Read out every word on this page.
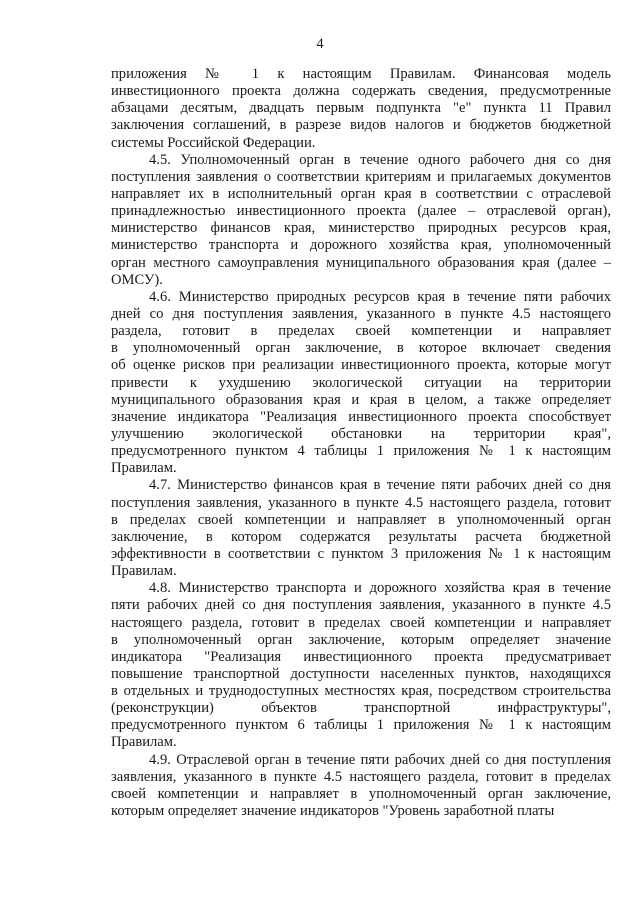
4
приложения № 1 к настоящим Правилам. Финансовая модель
инвестиционного проекта должна содержать сведения, предусмотренные
абзацами десятым, двадцать первым подпункта "е" пункта 11 Правил
заключения соглашений, в разрезе видов налогов и бюджетов бюджетной
системы Российской Федерации.
4.5. Уполномоченный орган в течение одного рабочего дня со дня
поступления заявления о соответствии критериям и прилагаемых документов
направляет их в исполнительный орган края в соответствии с отраслевой
принадлежностью инвестиционного проекта (далее – отраслевой орган),
министерство финансов края, министерство природных ресурсов края,
министерство транспорта и дорожного хозяйства края, уполномоченный
орган местного самоуправления муниципального образования края (далее –
ОМСУ).
4.6. Министерство природных ресурсов края в течение пяти рабочих
дней со дня поступления заявления, указанного в пункте 4.5 настоящего
раздела, готовит в пределах своей компетенции и направляет
в уполномоченный орган заключение, в которое включает сведения
об оценке рисков при реализации инвестиционного проекта, которые могут
привести к ухудшению экологической ситуации на территории
муниципального образования края и края в целом, а также определяет
значение индикатора "Реализация инвестиционного проекта способствует
улучшению экологической обстановки на территории края",
предусмотренного пунктом 4 таблицы 1 приложения № 1 к настоящим
Правилам.
4.7. Министерство финансов края в течение пяти рабочих дней со дня
поступления заявления, указанного в пункте 4.5 настоящего раздела, готовит
в пределах своей компетенции и направляет в уполномоченный орган
заключение, в котором содержатся результаты расчета бюджетной
эффективности в соответствии с пунктом 3 приложения № 1 к настоящим
Правилам.
4.8. Министерство транспорта и дорожного хозяйства края в течение
пяти рабочих дней со дня поступления заявления, указанного в пункте 4.5
настоящего раздела, готовит в пределах своей компетенции и направляет
в уполномоченный орган заключение, которым определяет значение
индикатора "Реализация инвестиционного проекта предусматривает
повышение транспортной доступности населенных пунктов, находящихся
в отдельных и труднодоступных местностях края, посредством строительства
(реконструкции) объектов транспортной инфраструктуры",
предусмотренного пунктом 6 таблицы 1 приложения № 1 к настоящим
Правилам.
4.9. Отраслевой орган в течение пяти рабочих дней со дня поступления
заявления, указанного в пункте 4.5 настоящего раздела, готовит в пределах
своей компетенции и направляет в уполномоченный орган заключение,
которым определяет значение индикаторов "Уровень заработной платы
